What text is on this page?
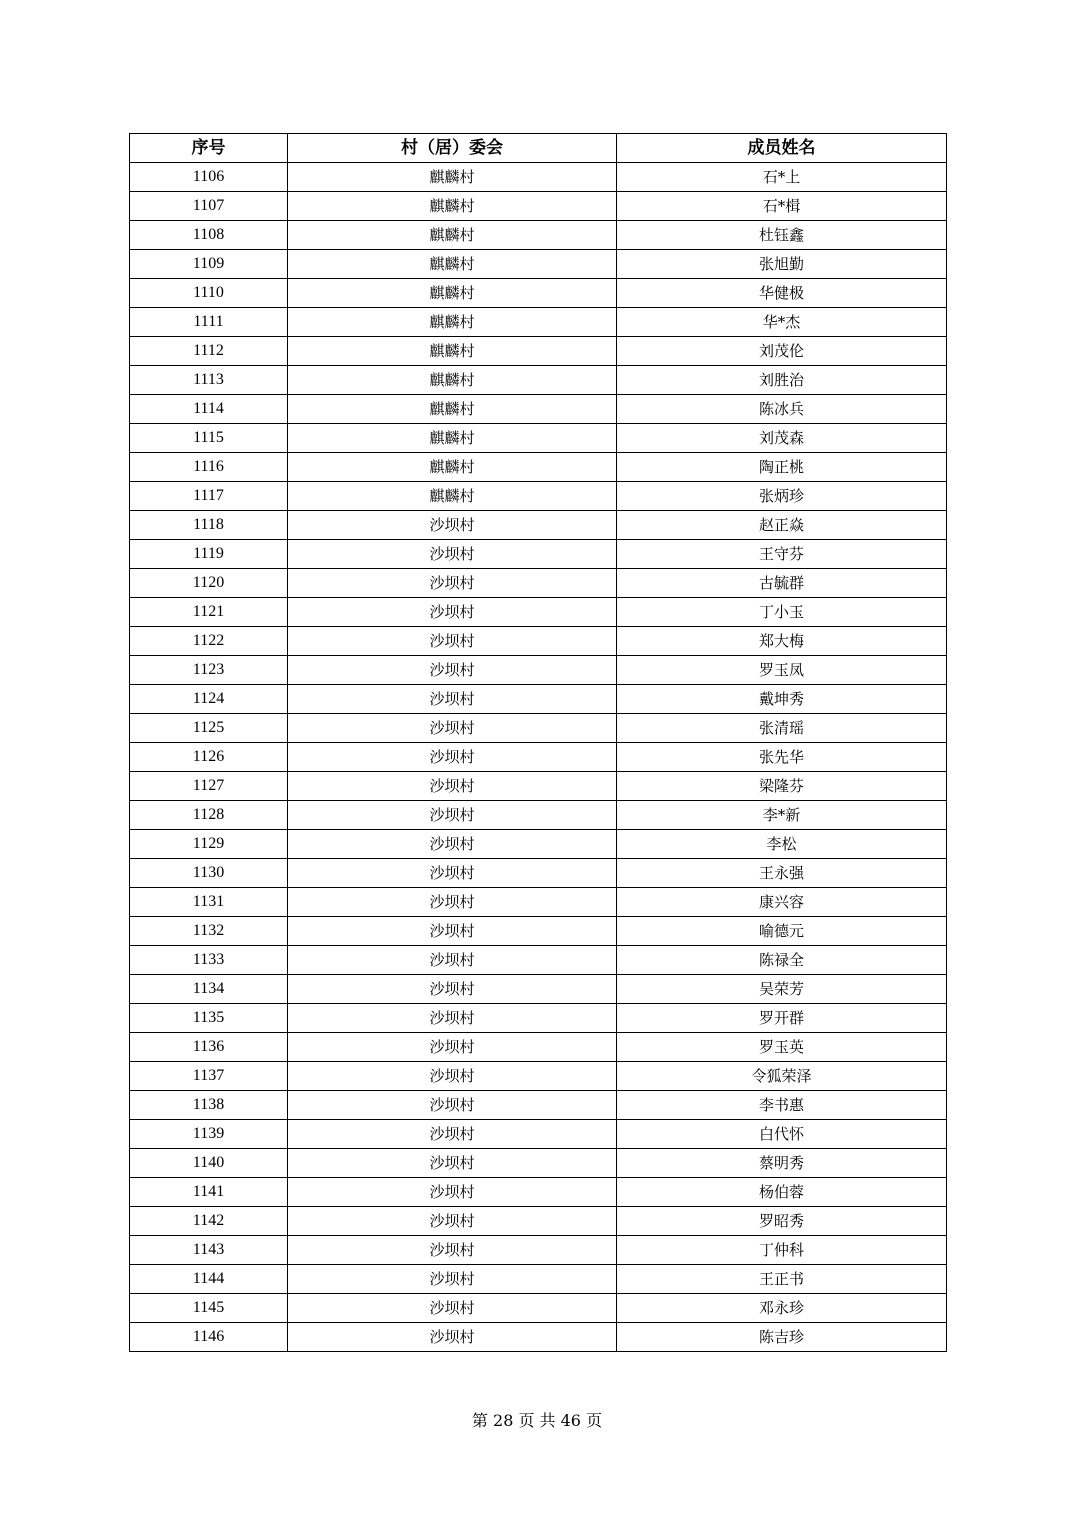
序号	村（居）委会	成员姓名
1106	麒麟村	石*上
1107	麒麟村	石*楫
1108	麒麟村	杜钰鑫
1109	麒麟村	张旭勤
1110	麒麟村	华健极
1111	麒麟村	华*杰
1112	麒麟村	刘茂伦
1113	麒麟村	刘胜治
1114	麒麟村	陈冰兵
1115	麒麟村	刘茂森
1116	麒麟村	陶正桃
1117	麒麟村	张炳珍
1118	沙坝村	赵正焱
1119	沙坝村	王守芬
1120	沙坝村	古毓群
1121	沙坝村	丁小玉
1122	沙坝村	郑大梅
1123	沙坝村	罗玉凤
1124	沙坝村	戴坤秀
1125	沙坝村	张清瑶
1126	沙坝村	张先华
1127	沙坝村	梁隆芬
1128	沙坝村	李*新
1129	沙坝村	李松
1130	沙坝村	王永强
1131	沙坝村	康兴容
1132	沙坝村	喻德元
1133	沙坝村	陈禄全
1134	沙坝村	吴荣芳
1135	沙坝村	罗开群
1136	沙坝村	罗玉英
1137	沙坝村	令狐荣泽
1138	沙坝村	李书惠
1139	沙坝村	白代怀
1140	沙坝村	蔡明秀
1141	沙坝村	杨伯蓉
1142	沙坝村	罗昭秀
1143	沙坝村	丁仲科
1144	沙坝村	王正书
1145	沙坝村	邓永珍
1146	沙坝村	陈吉珍
第 28 页 共 46 页
